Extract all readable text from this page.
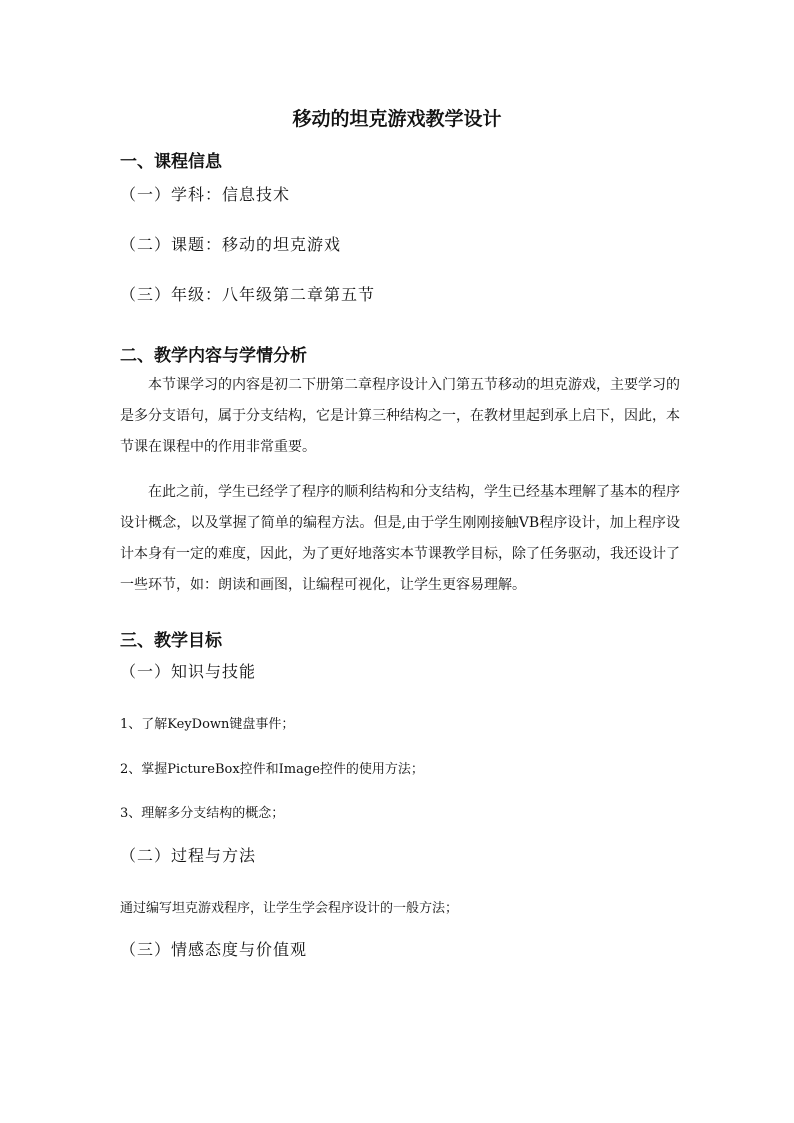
移动的坦克游戏教学设计
一、课程信息
（一）学科：信息技术
（二）课题：移动的坦克游戏
（三）年级：八年级第二章第五节
二、教学内容与学情分析

本节课学习的内容是初二下册第二章程序设计入门第五节移动的坦克游戏，主要学习的是多分支语句，属于分支结构，它是计算三种结构之一，在教材里起到承上启下，因此，本节课在课程中的作用非常重要。

在此之前，学生已经学了程序的顺利结构和分支结构，学生已经基本理解了基本的程序设计概念，以及掌握了简单的编程方法。但是,由于学生刚刚接触VB程序设计，加上程序设计本身有一定的难度，因此，为了更好地落实本节课教学目标，除了任务驱动，我还设计了一些环节，如：朗读和画图，让编程可视化，让学生更容易理解。

三、教学目标
（一）知识与技能
1、了解KeyDown键盘事件；
2、掌握PictureBox控件和Image控件的使用方法；
3、理解多分支结构的概念；
（二）过程与方法
通过编写坦克游戏程序，让学生学会程序设计的一般方法；
（三）情感态度与价值观
